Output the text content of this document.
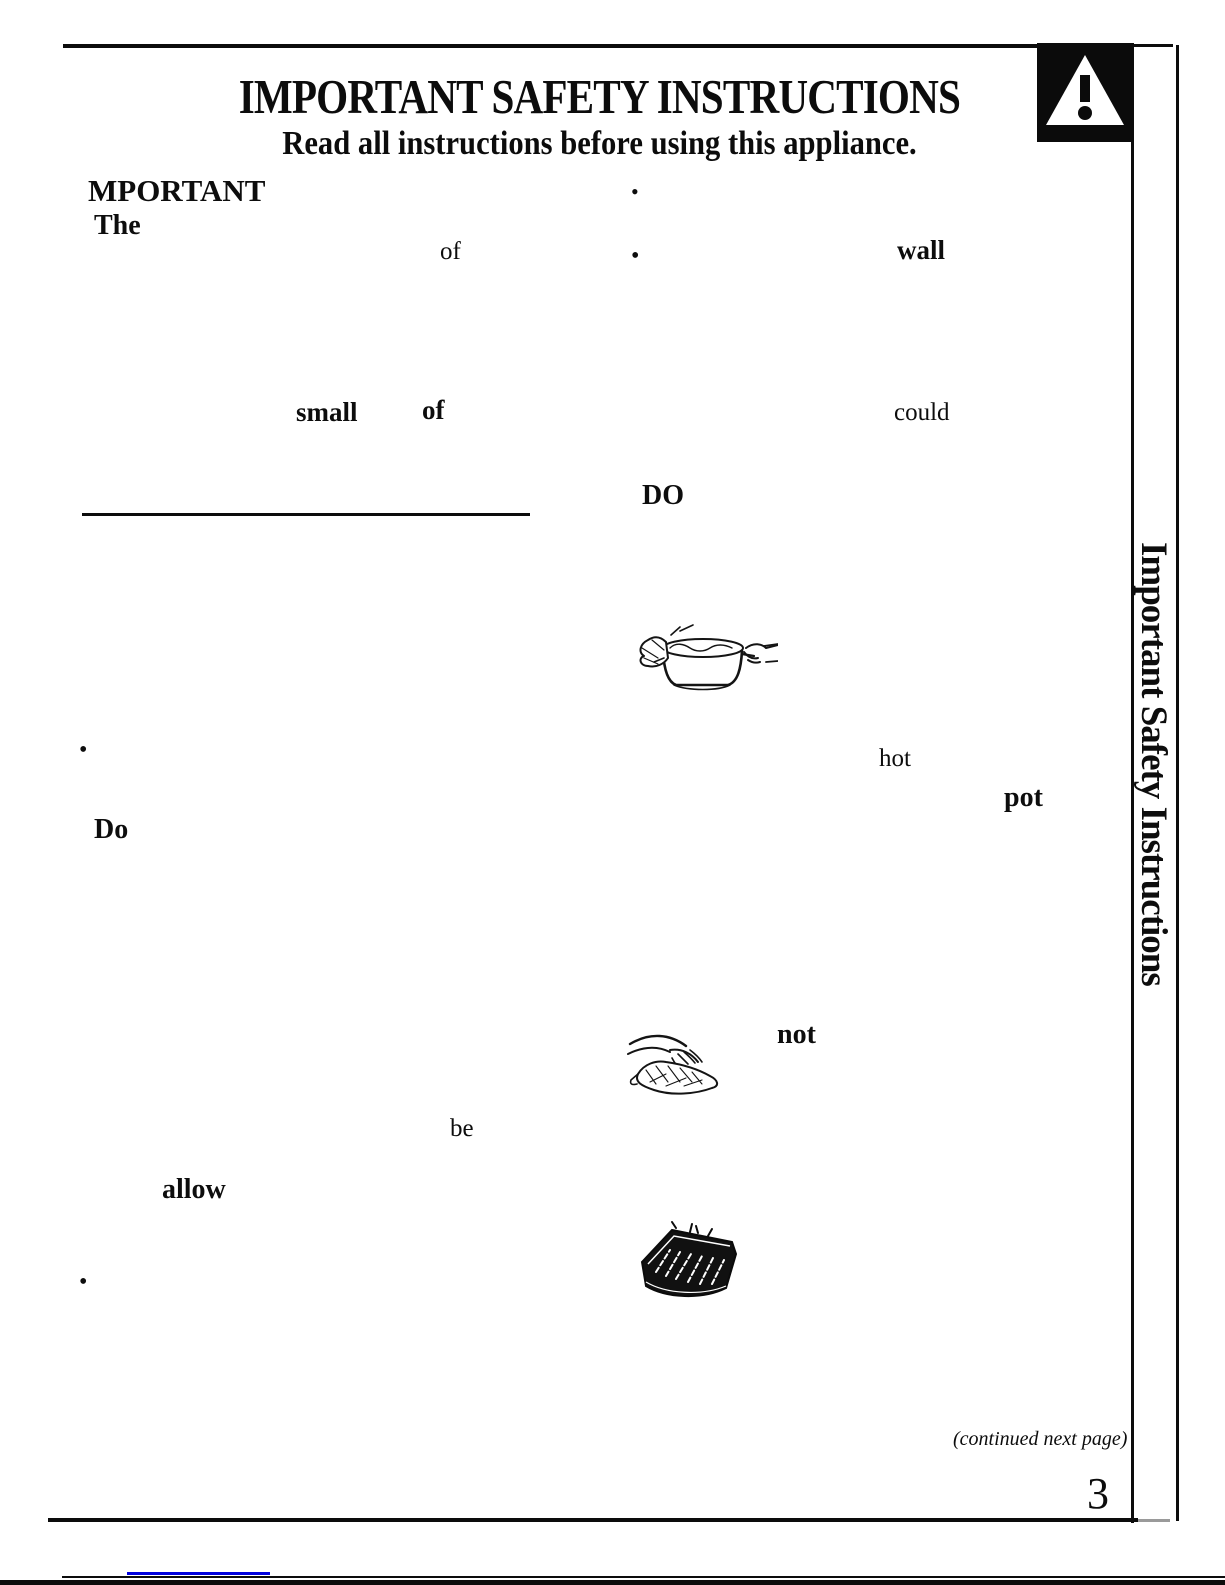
IMPORTANT SAFETY INSTRUCTIONS
Read all instructions before using this appliance.
MPORTANT
The
of
small of
•
Do
be
allow
•
•
•	wall
could
DO
hot
pot
not
Important Safety Instructions
(continued next page)
3
